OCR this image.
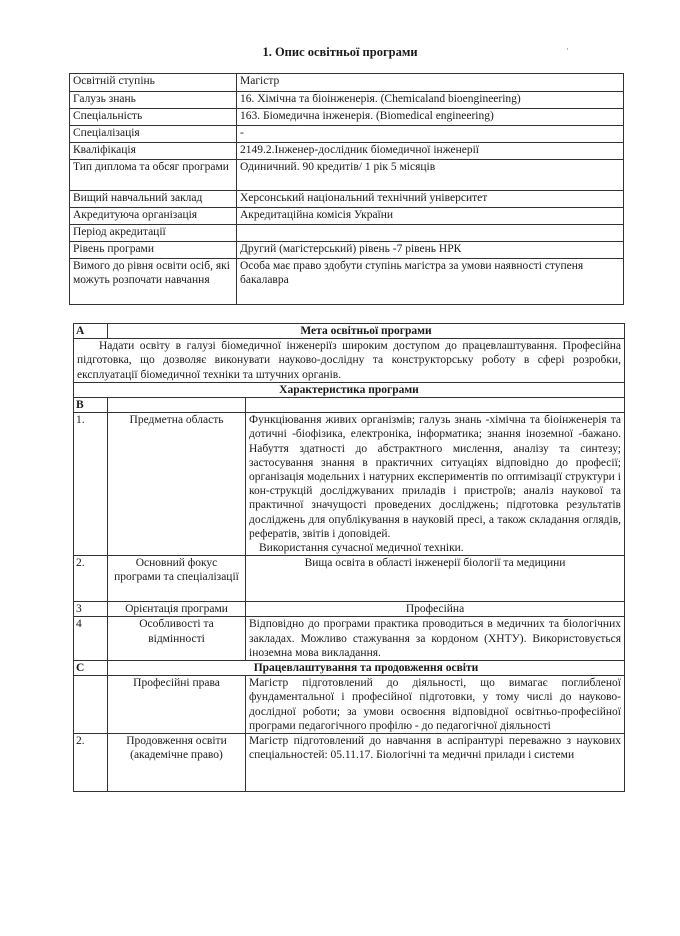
1. Опис освітньої програми	·
Освітній ступінь	Магістр
Галузь знань	16. Хімічна та біоінженерія. (Chemicaland bioengineering)
Спеціальність	163. Біомедична інженерія. (Biomedical engineering)
Спеціалізація	-
Кваліфікація	2149.2.Інженер-дослідник біомедичної інженерії
Тип диплома та обсяг програми	Одиничний. 90 кредитів/ 1 рік 5 місяців
Вищий навчальний заклад	Херсонський національний технічний університет
Акредитуюча організація	Акредитаційна комісія України
Період акредитації	
Рівень програми	Другий (магістерський) рівень -7 рівень НРК
Вимого до рівня освіти осіб, які можуть розпочати навчання	Особа має право здобути ступінь магістра за умови наявності ступеня бакалавра
А	Мета освітньої програми	
Надати освіту в галузі біомедичної інженеріїз широким доступом до працевлаштування. Професійна підготовка, що дозволяє виконувати науково-дослідну та конструкторську роботу в сфері розробки, експлуатації біомедичної техніки та штучних органів.		
Характеристика програми		
В		
1.	Предметна область	Функціювання живих організмів; галузь знань -хімічна та біоінженерія та дотичні -біофізика, електроніка, інформатика; знання іноземної -бажано. Набуття здатності до абстрактного мислення, аналізу та синтезу; застосування знання в практичних ситуаціях відповідно до професії; організація модельних і натурних експериментів по оптимізації структури і кон-струкцій досліджуваних приладів і пристроїв; аналіз наукової та практичної значущості проведених досліджень; підготовка результатів досліджень для опублікування в науковій пресі, а також складання оглядів, рефератів, звітів і доповідей.
Використання сучасної медичної техніки.

2.	Основний фокус програми та спеціалізації	Вища освіта в області інженерії біології та медицини
3	Орієнтація програми	Професійна
4	Особливості та відмінності	Відповідно до програми практика проводиться в медичних та біологічних закладах. Можливо стажування за кордоном (ХНТУ). Використовується іноземна мова викладання.
С	Працевлаштування та продовження освіти	
	Професійні права	Магістр підготовлений до діяльності, що вимагає поглибленої фундаментальної і професійної підготовки, у тому числі до науково-дослідної роботи; за умови освоєння відповідної освітньо-професійної програми педагогічного профілю - до педагогічної діяльності
2.	Продовження освіти (академічне право)	Магістр підготовлений до навчання в аспірантурі переважно з наукових спеціальностей: 05.11.17. Біологічні та медичні прилади і системи
